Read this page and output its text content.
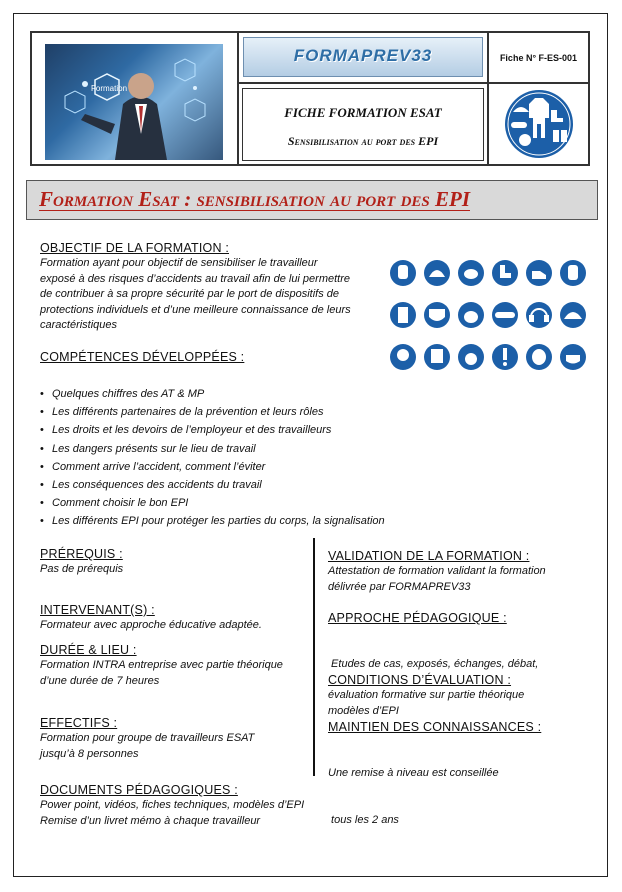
Formation
FORMAPREV33	Fiche N° F-ES-001
FICHE FORMATION ESAT
Sensibilisation au port des EPI
Formation Esat : sensibilisation au port des EPI
OBJECTIF DE LA FORMATION :
Formation ayant pour objectif de sensibiliser le travailleur
exposé à des risques d’accidents au travail afin de lui permettre
de contribuer à sa propre sécurité par le port de dispositifs de
protections individuels et d’une meilleure connaissance de leurs
caractéristiques
COMPÉTENCES DÉVELOPPÉES :
• Quelques chiffres des AT & MP
• Les différents partenaires de la prévention et leurs rôles
• Les droits et les devoirs de l’employeur et des travailleurs
• Les dangers présents sur le lieu de travail
• Comment arrive l’accident, comment l’éviter
• Les conséquences des accidents du travail
• Comment choisir le bon EPI
• Les différents EPI pour protéger les parties du corps, la signalisation
PRÉREQUIS :
Pas de prérequis
INTERVENANT(S) :
Formateur avec approche éducative adaptée.
DURÉE & LIEU :
Formation INTRA entreprise avec partie théorique
d’une durée de 7 heures
EFFECTIFS :
Formation pour groupe de travailleurs ESAT
jusqu’à 8 personnes
DOCUMENTS PÉDAGOGIQUES :
Power point, vidéos, fiches techniques, modèles d’EPI
Remise d’un livret mémo à chaque travailleur
VALIDATION DE LA FORMATION :
Attestation de formation validant la formation
délivrée par FORMAPREV33
APPROCHE PÉDAGOGIQUE :

Etudes de cas, exposés, échanges, débat,

modèles d’EPI

CONDITIONS D’ÉVALUATION :
évaluation formative sur partie théorique
MAINTIEN DES CONNAISSANCES :

Une remise à niveau est conseillée

tous les 2 ans
